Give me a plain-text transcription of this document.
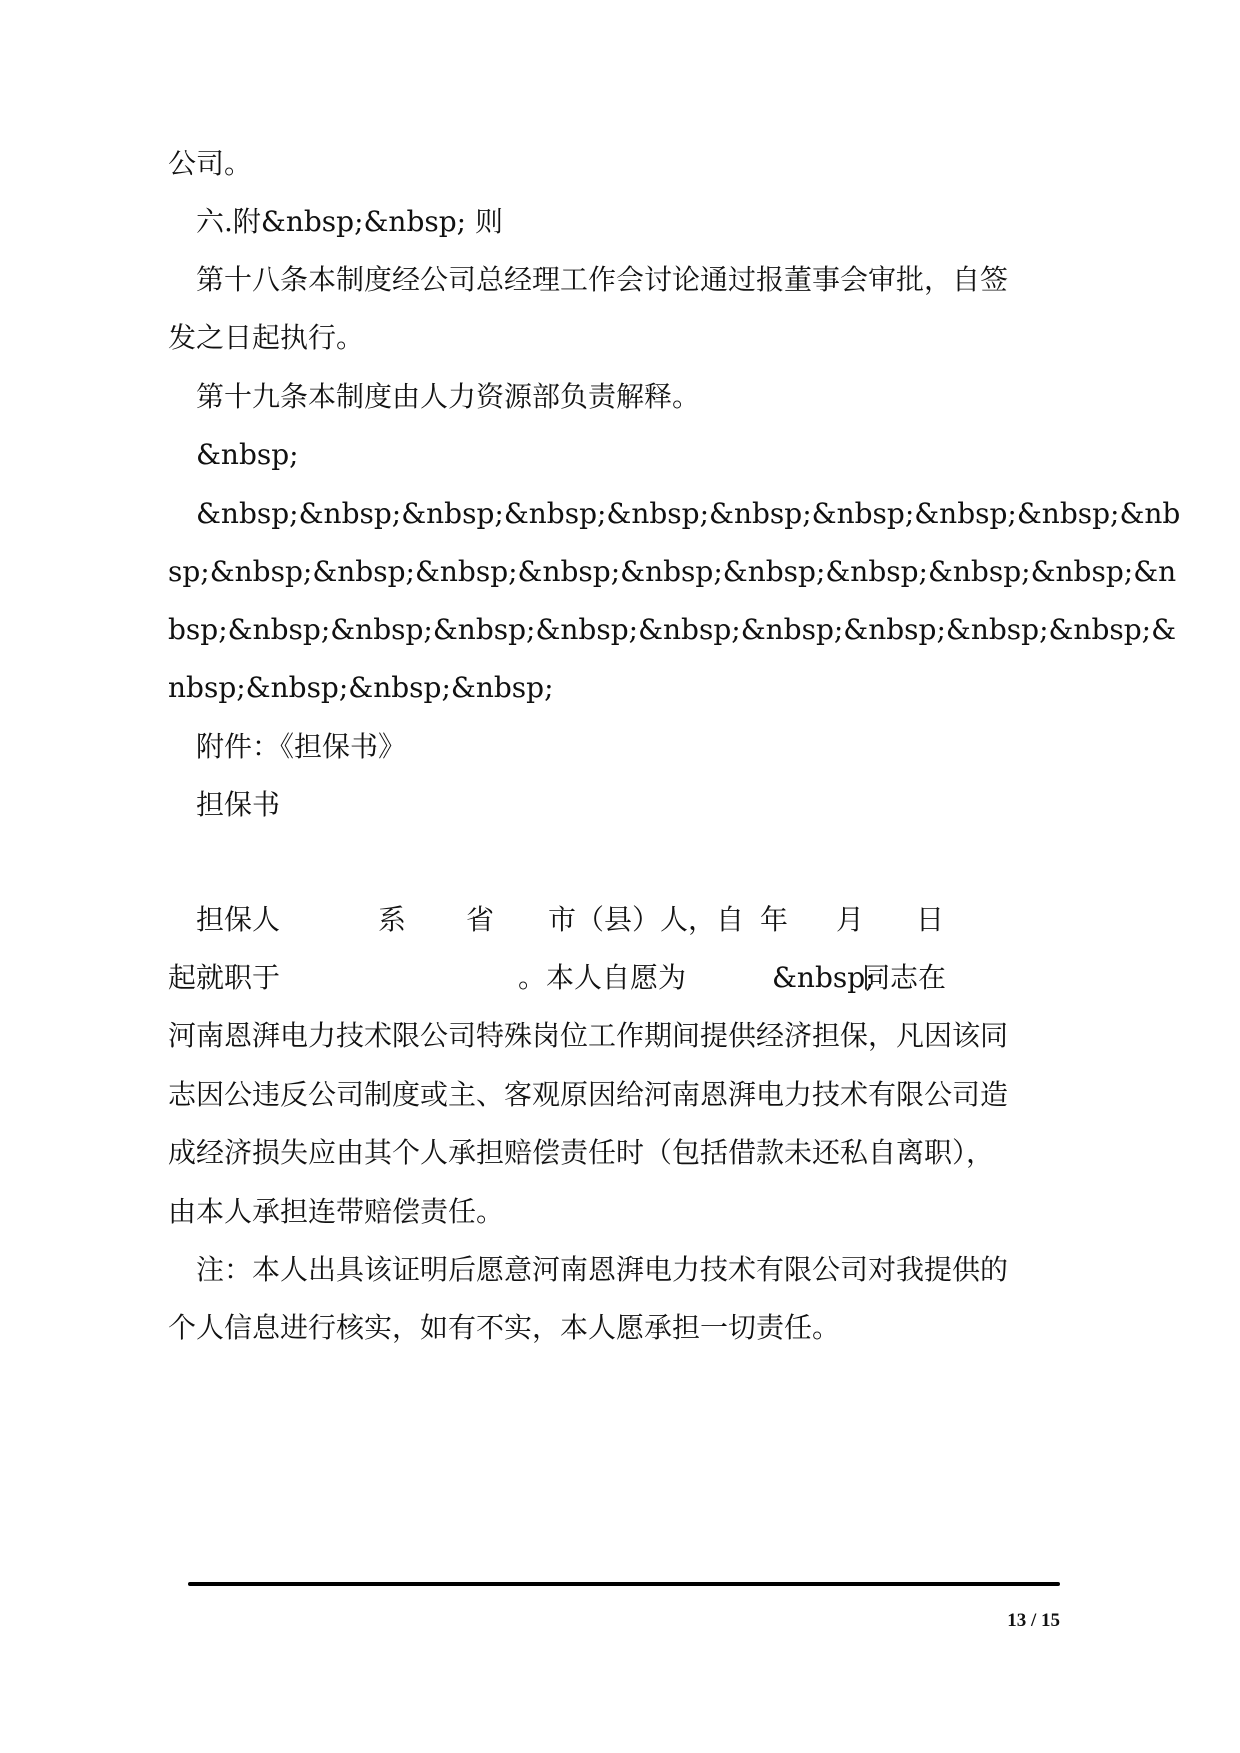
公司。
六.附&nbsp;&nbsp; 则
第十八条本制度经公司总经理工作会讨论通过报董事会审批，自签
发之日起执行。
第十九条本制度由人力资源部负责解释。
&nbsp;
&nbsp;&nbsp;&nbsp;&nbsp;&nbsp;&nbsp;&nbsp;&nbsp;&nbsp;&nb
sp;&nbsp;&nbsp;&nbsp;&nbsp;&nbsp;&nbsp;&nbsp;&nbsp;&nbsp;&n
bsp;&nbsp;&nbsp;&nbsp;&nbsp;&nbsp;&nbsp;&nbsp;&nbsp;&nbsp;&
nbsp;&nbsp;&nbsp;&nbsp;
附件：《担保书》
担保书
担保人	系 省 市（县）人，自 年 月 日
起就职于	。本人自愿为	&nbsp;
同志在
河南恩湃电力技术限公司特殊岗位工作期间提供经济担保，凡因该同
志因公违反公司制度或主、客观原因给河南恩湃电力技术有限公司造
成经济损失应由其个人承担赔偿责任时（包括借款未还私自离职），
由本人承担连带赔偿责任。
注：本人出具该证明后愿意河南恩湃电力技术有限公司对我提供的
个人信息进行核实，如有不实，本人愿承担一切责任。
13 / 15
